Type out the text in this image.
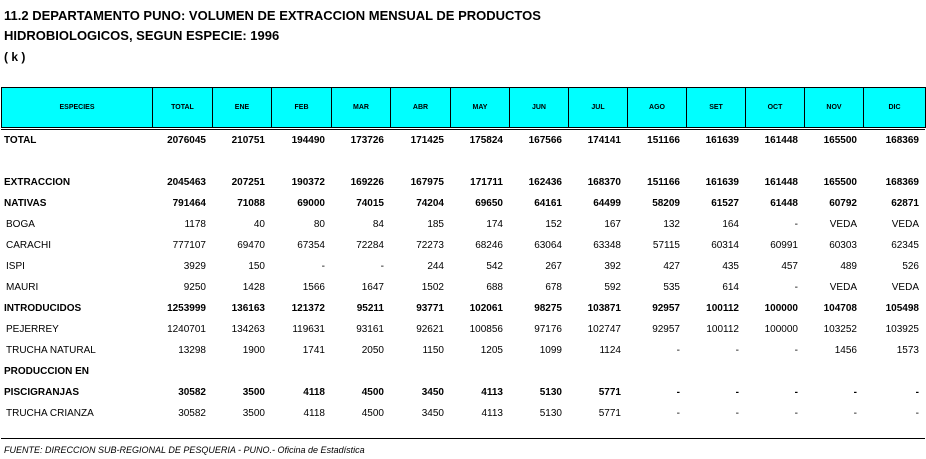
11.2 DEPARTAMENTO PUNO: VOLUMEN DE EXTRACCION MENSUAL DE PRODUCTOS
HIDROBIOLOGICOS, SEGUN ESPECIE: 1996
( k )
ESPECIES	TOTAL	ENE	FEB	MAR	ABR	MAY	JUN	JUL	AGO	SET	OCT	NOV	DIC
TOTAL	2076045	210751	194490	173726	171425	175824	167566	174141	151166	161639	161448	165500	168369

EXTRACCION	2045463	207251	190372	169226	167975	171711	162436	168370	151166	161639	161448	165500	168369
NATIVAS	791464	71088	69000	74015	74204	69650	64161	64499	58209	61527	61448	60792	62871
BOGA	1178	40	80	84	185	174	152	167	132	164	-	VEDA	VEDA
CARACHI	777107	69470	67354	72284	72273	68246	63064	63348	57115	60314	60991	60303	62345
ISPI	3929	150	-	-	244	542	267	392	427	435	457	489	526
MAURI	9250	1428	1566	1647	1502	688	678	592	535	614	-	VEDA	VEDA
INTRODUCIDOS	1253999	136163	121372	95211	93771	102061	98275	103871	92957	100112	100000	104708	105498
PEJERREY	1240701	134263	119631	93161	92621	100856	97176	102747	92957	100112	100000	103252	103925
TRUCHA NATURAL	13298	1900	1741	2050	1150	1205	1099	1124	-	-	-	1456	1573
PRODUCCION EN													
PISCIGRANJAS	30582	3500	4118	4500	3450	4113	5130	5771	-	-	-	-	-
TRUCHA CRIANZA	30582	3500	4118	4500	3450	4113	5130	5771	-	-	-	-	-
FUENTE: DIRECCION SUB-REGIONAL DE PESQUERIA - PUNO.- Oficina de Estadística
